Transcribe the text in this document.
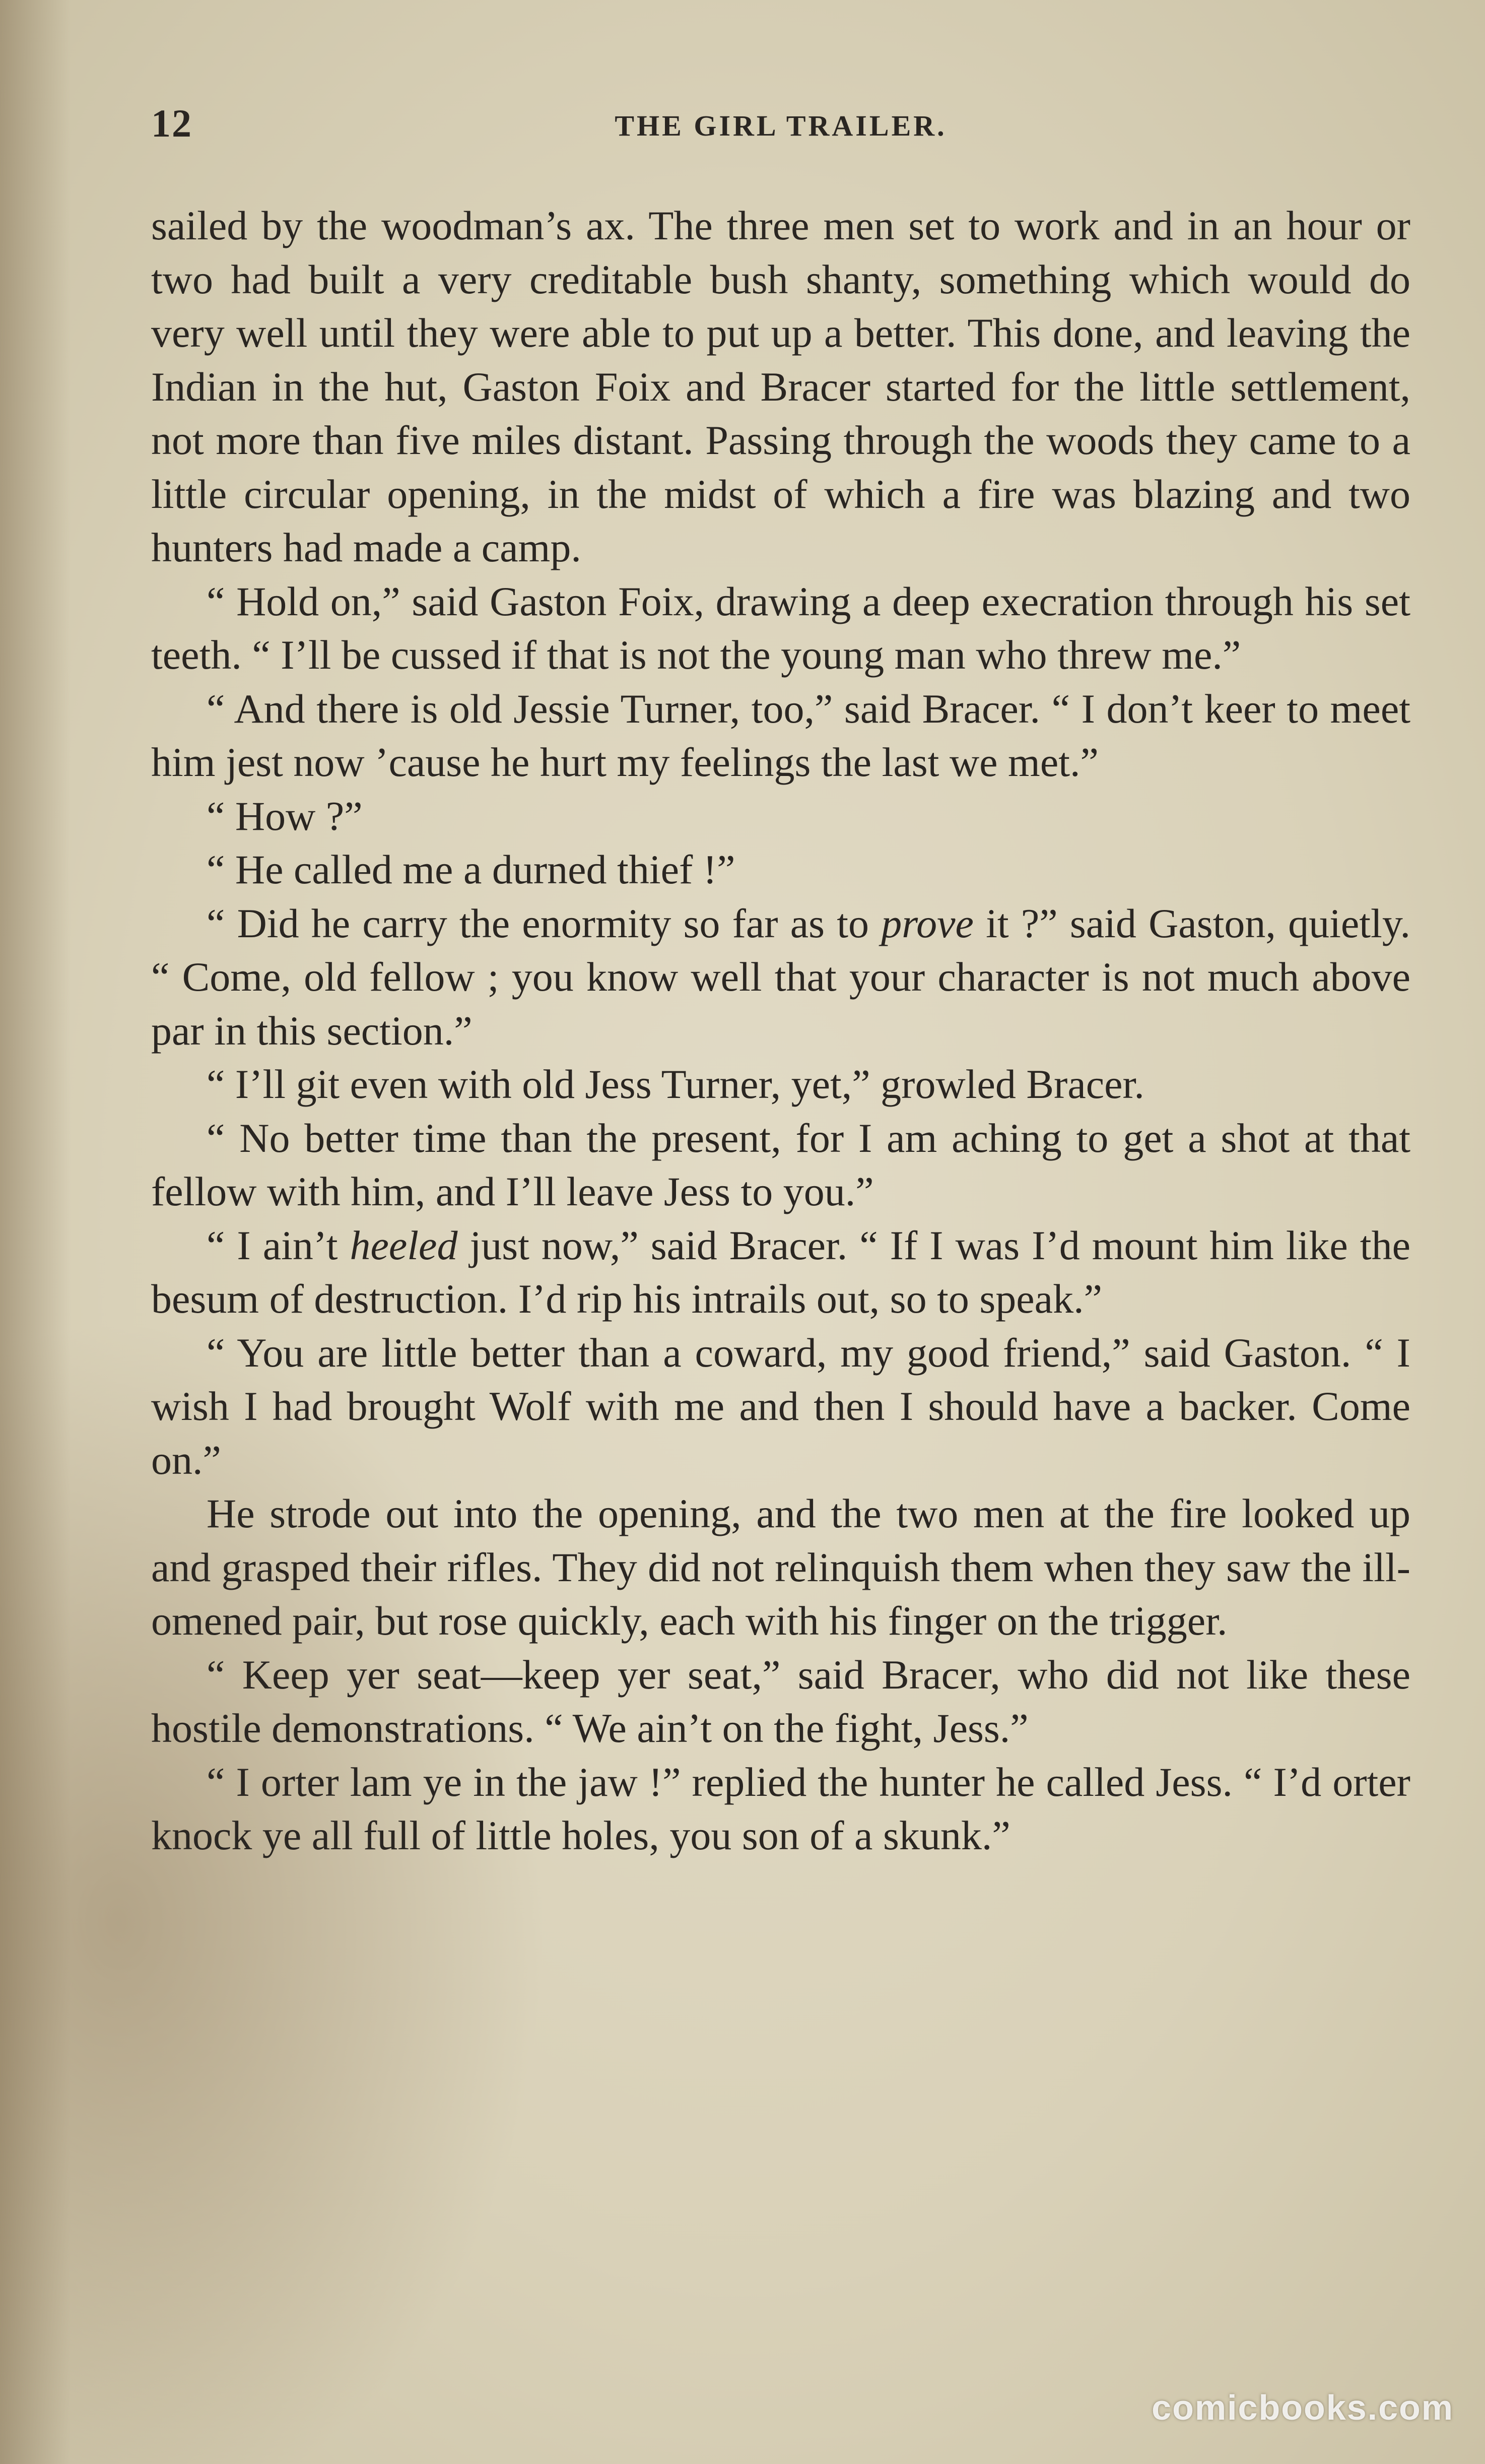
12	THE GIRL TRAILER.

sailed by the woodman’s ax. The three men set to work and in an hour or two had built a very creditable bush shanty, something which would do very well until they were able to put up a better. This done, and leaving the Indian in the hut, Gaston Foix and Bracer started for the little settlement, not more than five miles distant. Passing through the woods they came to a little circular opening, in the midst of which a fire was blazing and two hunters had made a camp.

“ Hold on,” said Gaston Foix, drawing a deep execration through his set teeth. “ I’ll be cussed if that is not the young man who threw me.”

“ And there is old Jessie Turner, too,” said Bracer. “ I don’t keer to meet him jest now ’cause he hurt my feelings the last we met.”

“ How ?”

“ He called me a durned thief !”

“ Did he carry the enormity so far as to prove it ?” said Gaston, quietly. “ Come, old fellow ; you know well that your character is not much above par in this section.”

“ I’ll git even with old Jess Turner, yet,” growled Bracer.

“ No better time than the present, for I am aching to get a shot at that fellow with him, and I’ll leave Jess to you.”

“ I ain’t heeled just now,” said Bracer. “ If I was I’d mount him like the besum of destruction. I’d rip his intrails out, so to speak.”

“ You are little better than a coward, my good friend,” said Gaston. “ I wish I had brought Wolf with me and then I should have a backer. Come on.”

He strode out into the opening, and the two men at the fire looked up and grasped their rifles. They did not relinquish them when they saw the ill-omened pair, but rose quickly, each with his finger on the trigger.

“ Keep yer seat—keep yer seat,” said Bracer, who did not like these hostile demonstrations. “ We ain’t on the fight, Jess.”

“ I orter lam ye in the jaw !” replied the hunter he called Jess. “ I’d orter knock ye all full of little holes, you son of a skunk.”

comicbooks.com
